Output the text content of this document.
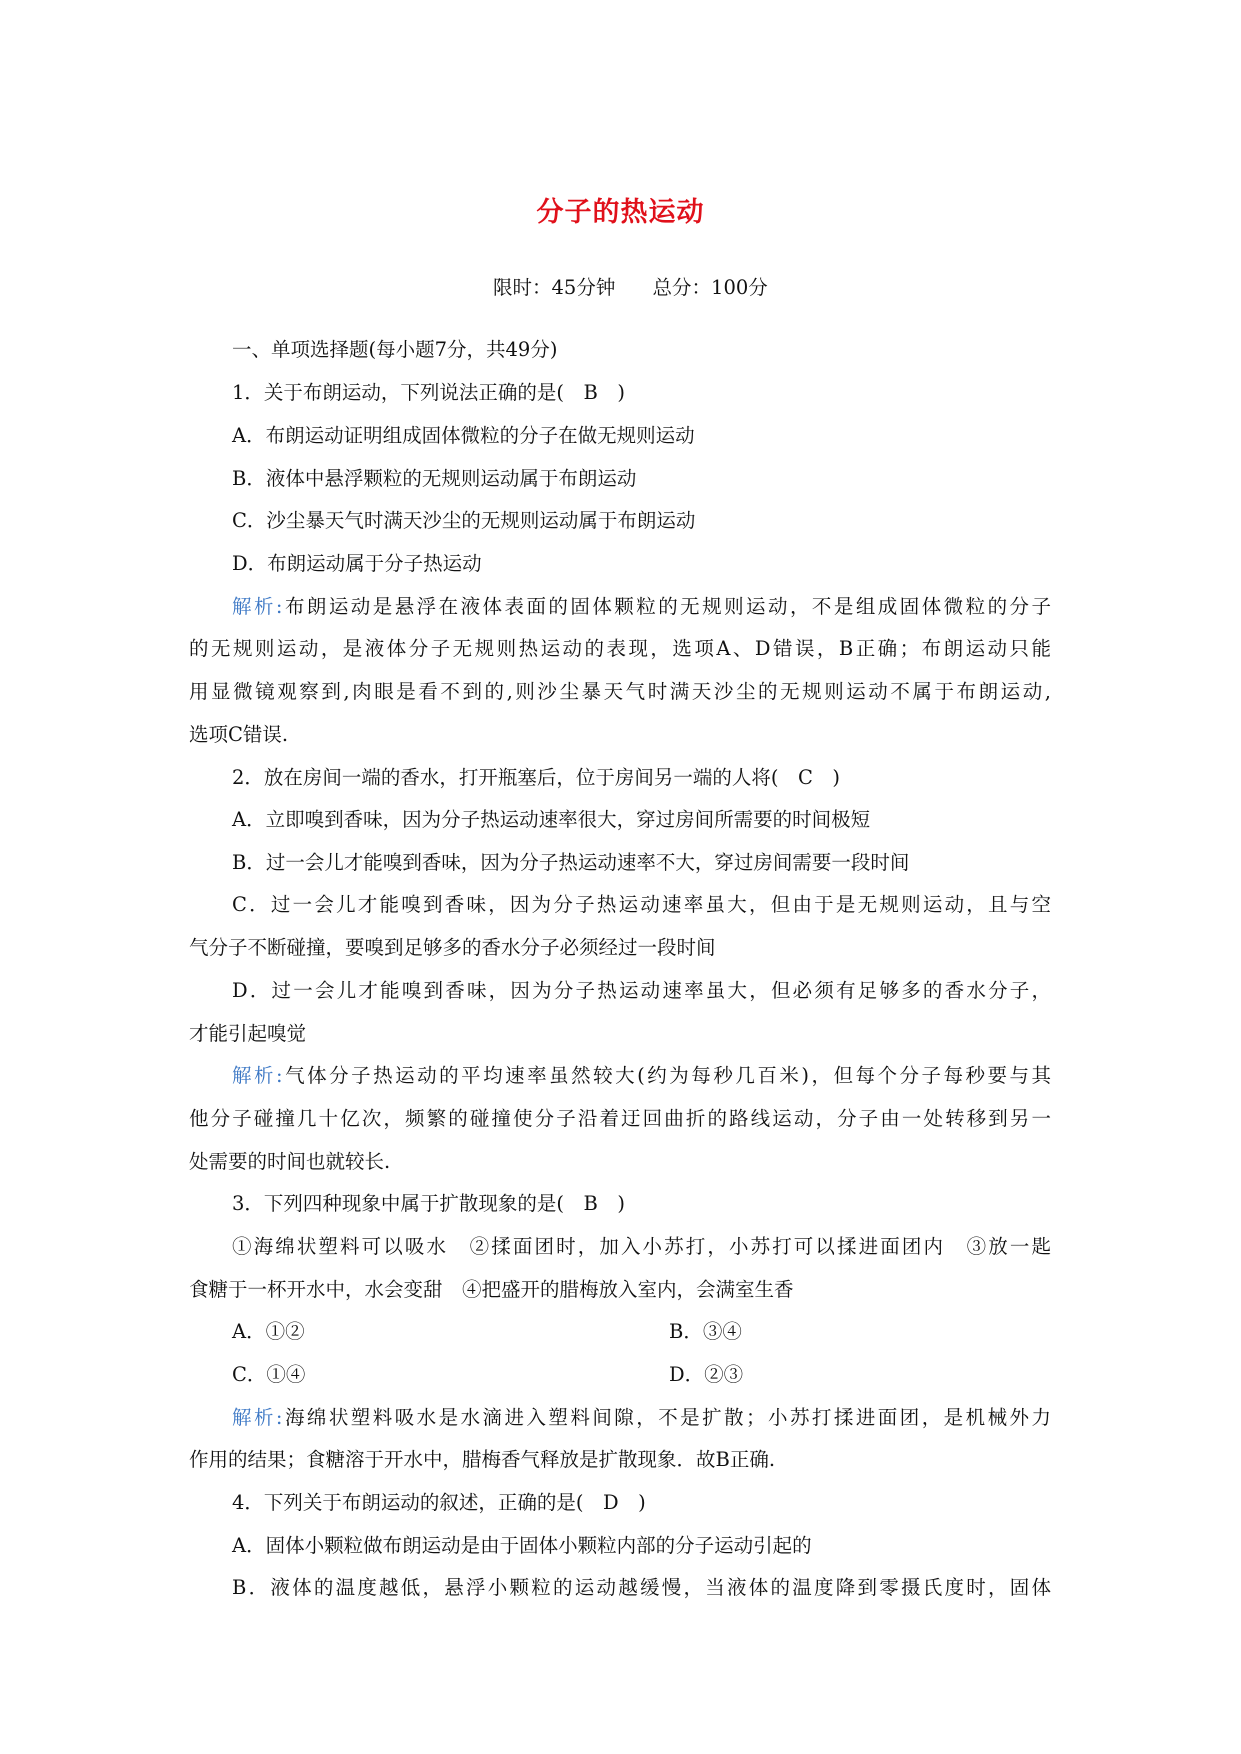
分子的热运动
限时：45分钟 总分：100分
一、单项选择题(每小题7分，共49分)
1．关于布朗运动，下列说法正确的是(　B　)
A．布朗运动证明组成固体微粒的分子在做无规则运动
B．液体中悬浮颗粒的无规则运动属于布朗运动
C．沙尘暴天气时满天沙尘的无规则运动属于布朗运动
D．布朗运动属于分子热运动
解析:布朗运动是悬浮在液体表面的固体颗粒的无规则运动，不是组成固体微粒的分子
的无规则运动，是液体分子无规则热运动的表现，选项A、D错误，B正确；布朗运动只能
用显微镜观察到,肉眼是看不到的,则沙尘暴天气时满天沙尘的无规则运动不属于布朗运动,
选项C错误.
2．放在房间一端的香水，打开瓶塞后，位于房间另一端的人将(　C　)
A．立即嗅到香味，因为分子热运动速率很大，穿过房间所需要的时间极短
B．过一会儿才能嗅到香味，因为分子热运动速率不大，穿过房间需要一段时间
C．过一会儿才能嗅到香味，因为分子热运动速率虽大，但由于是无规则运动，且与空
气分子不断碰撞，要嗅到足够多的香水分子必须经过一段时间
D．过一会儿才能嗅到香味，因为分子热运动速率虽大，但必须有足够多的香水分子，
才能引起嗅觉
解析:气体分子热运动的平均速率虽然较大(约为每秒几百米)，但每个分子每秒要与其
他分子碰撞几十亿次，频繁的碰撞使分子沿着迂回曲折的路线运动，分子由一处转移到另一
处需要的时间也就较长.
3．下列四种现象中属于扩散现象的是(　B　)
①海绵状塑料可以吸水　②揉面团时，加入小苏打，小苏打可以揉进面团内　③放一匙
食糖于一杯开水中，水会变甜　④把盛开的腊梅放入室内，会满室生香
A．①②	B．③④
C．①④	D．②③
解析:海绵状塑料吸水是水滴进入塑料间隙，不是扩散；小苏打揉进面团，是机械外力
作用的结果；食糖溶于开水中，腊梅香气释放是扩散现象．故B正确.
4．下列关于布朗运动的叙述，正确的是(　D　)
A．固体小颗粒做布朗运动是由于固体小颗粒内部的分子运动引起的
B．液体的温度越低，悬浮小颗粒的运动越缓慢，当液体的温度降到零摄氏度时，固体
